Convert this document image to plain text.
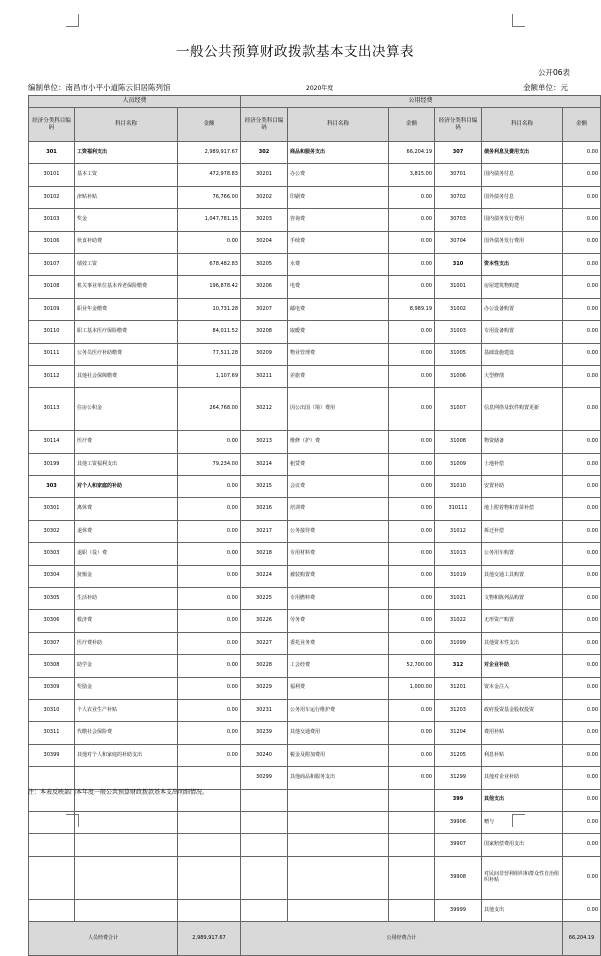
一般公共预算财政拨款基本支出决算表
公开06表
编制单位：南昌市小平小道陈云旧居陈列馆	2020年度	金额单位：元
人员经费			公用经费					
经济分类科目编码	科目名称	金额	经济分类科目编码	科目名称	金额	经济分类科目编码	科目名称	金额
301	工资福利支出	2,989,917.67	302	商品和服务支出	66,204.19	307	债务利息及费用支出	0.00
30101	基本工资	472,978.83	30201	办公费	3,815.00	30701	国内债务付息	0.00
30102	津贴补贴	76,766.00	30202	印刷费	0.00	30702	国外债务付息	0.00
30103	奖金	1,047,781.15	30203	咨询费	0.00	30703	国内债务发行费用	0.00
30106	伙食补助费	0.00	30204	手续费	0.00	30704	国外债务发行费用	0.00
30107	绩效工资	678,482.83	30205	水费	0.00	310	资本性支出	0.00
30108	机关事业单位基本养老保险缴费	196,878.42	30206	电费	0.00	31001	房屋建筑物购建	0.00
30109	职业年金缴费	10,731.28	30207	邮电费	8,989.19	31002	办公设备购置	0.00
30110	职工基本医疗保险缴费	84,011.52	30208	取暖费	0.00	31003	专用设备购置	0.00
30111	公务员医疗补助缴费	77,511.28	30209	物业管理费	0.00	31005	基础设施建设	0.00
30112	其他社会保障缴费	1,107.69	30211	差旅费	0.00	31006	大型修缮	0.00
30113	住房公积金	264,768.00	30212	因公出国（境）费用	0.00	31007	信息网络及软件购置更新	0.00
30114	医疗费	0.00	30213	维修（护）费	0.00	31008	物资储备	0.00
30199	其他工资福利支出	79,234.00	30214	租赁费	0.00	31009	土地补偿	0.00
303	对个人和家庭的补助	0.00	30215	会议费	0.00	31010	安置补助	0.00
30301	离休费	0.00	30216	培训费	0.00	310111	地上附着物和青苗补偿	0.00
30302	退休费	0.00	30217	公务接待费	0.00	31012	拆迁补偿	0.00
30303	退职（役）费	0.00	30218	专用材料费	0.00	31013	公务用车购置	0.00
30304	抚恤金	0.00	30224	被装购置费	0.00	31019	其他交通工具购置	0.00
30305	生活补助	0.00	30225	专用燃料费	0.00	31021	文物和陈列品购置	0.00
30306	救济费	0.00	30226	劳务费	0.00	31022	无形资产购置	0.00
30307	医疗费补助	0.00	30227	委托业务费	0.00	31099	其他资本性支出	0.00
30308	助学金	0.00	30228	工会经费	52,700.00	312	对企业补助	0.00
30309	奖励金	0.00	30229	福利费	1,000.00	31201	资本金注入	0.00
30310	个人农业生产补贴	0.00	30231	公务用车运行维护费	0.00	31203	政府投资基金股权投资	0.00
30311	代缴社会保险费	0.00	30239	其他交通费用	0.00	31204	费用补贴	0.00
30399	其他对个人和家庭的补助支出	0.00	30240	税金及附加费用	0.00	31205	利息补贴	0.00
			30299	其他商品和服务支出	0.00	31299	其他对企业补助	0.00
						399	其他支出	0.00
						39906	赠与	0.00
						39907	国家赔偿费用支出	0.00
						39908	对民间非营利组织和群众性自治组织补贴	0.00
						39999	其他支出	0.00
人员经费合计		2,989,917.67	公用经费合计					66,204.19
注：本表反映部门本年度一般公共预算财政拨款基本支出明细情况。
